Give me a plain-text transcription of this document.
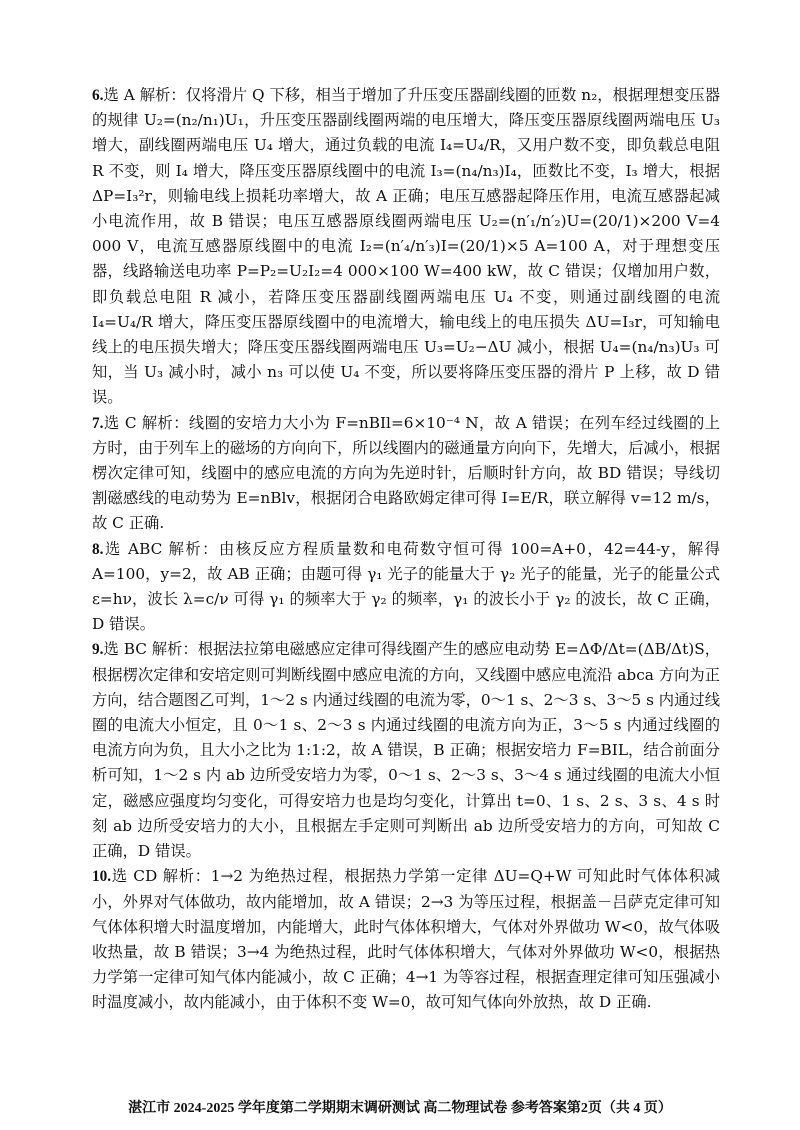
6.选 A 解析：仅将滑片 Q 下移，相当于增加了升压变压器副线圈的匝数 n₂，根据理想变压器的规律 U₂=(n₂/n₁)U₁，升压变压器副线圈两端的电压增大，降压变压器原线圈两端电压 U₃ 增大，副线圈两端电压 U₄ 增大，通过负载的电流 I₄=U₄/R，又用户数不变，即负载总电阻 R 不变，则 I₄ 增大，降压变压器原线圈中的电流 I₃=(n₄/n₃)I₄，匝数比不变，I₃ 增大，根据 ΔP=I₃²r，则输电线上损耗功率增大，故 A 正确；电压互感器起降压作用，电流互感器起减小电流作用，故 B 错误；电压互感器原线圈两端电压 U₂=(n′₁/n′₂)U=(20/1)×200 V=4 000 V，电流互感器原线圈中的电流 I₂=(n′₄/n′₃)I=(20/1)×5 A=100 A，对于理想变压器，线路输送电功率 P=P₂=U₂I₂=4 000×100 W=400 kW，故 C 错误；仅增加用户数，即负载总电阻 R 减小，若降压变压器副线圈两端电压 U₄ 不变，则通过副线圈的电流 I₄=U₄/R 增大，降压变压器原线圈中的电流增大，输电线上的电压损失 ΔU=I₃r，可知输电线上的电压损失增大；降压变压器线圈两端电压 U₃=U₂−ΔU 减小，根据 U₄=(n₄/n₃)U₃ 可知，当 U₃ 减小时，减小 n₃ 可以使 U₄ 不变，所以要将降压变压器的滑片 P 上移，故 D 错误。

7.选 C 解析：线圈的安培力大小为 F=nBIl=6×10⁻⁴ N，故 A 错误；在列车经过线圈的上方时，由于列车上的磁场的方向向下，所以线圈内的磁通量方向向下，先增大，后减小，根据楞次定律可知，线圈中的感应电流的方向为先逆时针，后顺时针方向，故 BD 错误；导线切割磁感线的电动势为 E=nBlv，根据闭合电路欧姆定律可得 I=E/R，联立解得 v=12 m/s，故 C 正确.

8.选 ABC 解析：由核反应方程质量数和电荷数守恒可得 100=A+0，42=44-y，解得 A=100，y=2，故 AB 正确；由题可得 γ₁ 光子的能量大于 γ₂ 光子的能量，光子的能量公式 ε=hν，波长 λ=c/ν 可得 γ₁ 的频率大于 γ₂ 的频率，γ₁ 的波长小于 γ₂ 的波长，故 C 正确，D 错误。

9.选 BC 解析：根据法拉第电磁感应定律可得线圈产生的感应电动势 E=ΔΦ/Δt=(ΔB/Δt)S，根据楞次定律和安培定则可判断线圈中感应电流的方向，又线圈中感应电流沿 abca 方向为正方向，结合题图乙可判，1～2 s 内通过线圈的电流为零，0～1 s、2～3 s、3～5 s 内通过线圈的电流大小恒定，且 0～1 s、2～3 s 内通过线圈的电流方向为正，3～5 s 内通过线圈的电流方向为负，且大小之比为 1:1:2，故 A 错误，B 正确；根据安培力 F=BIL，结合前面分析可知，1～2 s 内 ab 边所受安培力为零，0～1 s、2～3 s、3～4 s 通过线圈的电流大小恒定，磁感应强度均匀变化，可得安培力也是均匀变化，计算出 t=0、1 s、2 s、3 s、4 s 时刻 ab 边所受安培力的大小，且根据左手定则可判断出 ab 边所受安培力的方向，可知故 C 正确，D 错误。

10.选 CD 解析：1→2 为绝热过程，根据热力学第一定律 ΔU=Q+W 可知此时气体体积减小，外界对气体做功，故内能增加，故 A 错误；2→3 为等压过程，根据盖－吕萨克定律可知气体体积增大时温度增加，内能增大，此时气体体积增大，气体对外界做功 W<0，故气体吸收热量，故 B 错误；3→4 为绝热过程，此时气体体积增大，气体对外界做功 W<0，根据热力学第一定律可知气体内能减小，故 C 正确；4→1 为等容过程，根据查理定律可知压强减小时温度减小，故内能减小，由于体积不变 W=0，故可知气体向外放热，故 D 正确.

湛江市 2024-2025 学年度第二学期期末调研测试 高二物理试卷 参考答案第2页（共 4 页）
